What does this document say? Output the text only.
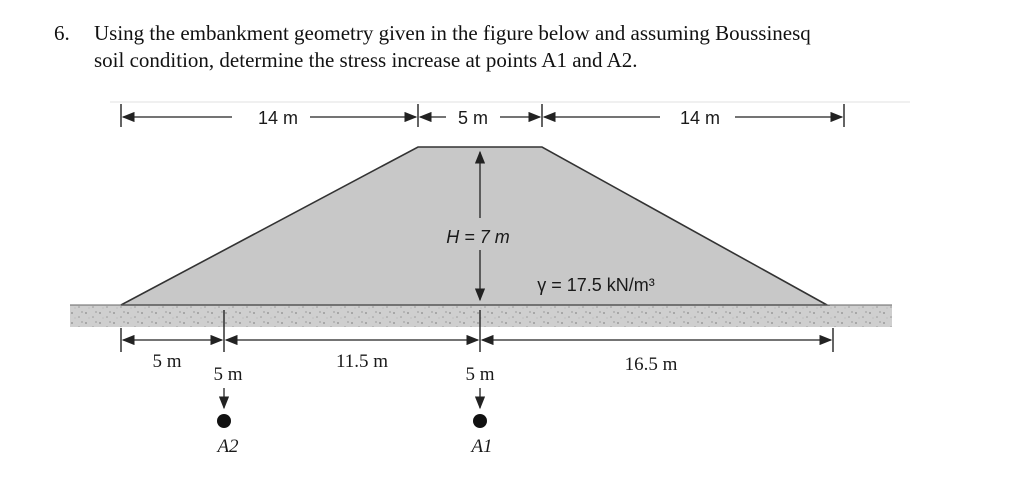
6. Using the embankment geometry given in the figure below and assuming Boussinesq
soil condition, determine the stress increase at points A1 and A2.
14 m	5 m	14 m
H = 7 m
γ = 17.5 kN/m³
5 m
5 m
11.5 m
5 m	16.5 m
A2	A1
